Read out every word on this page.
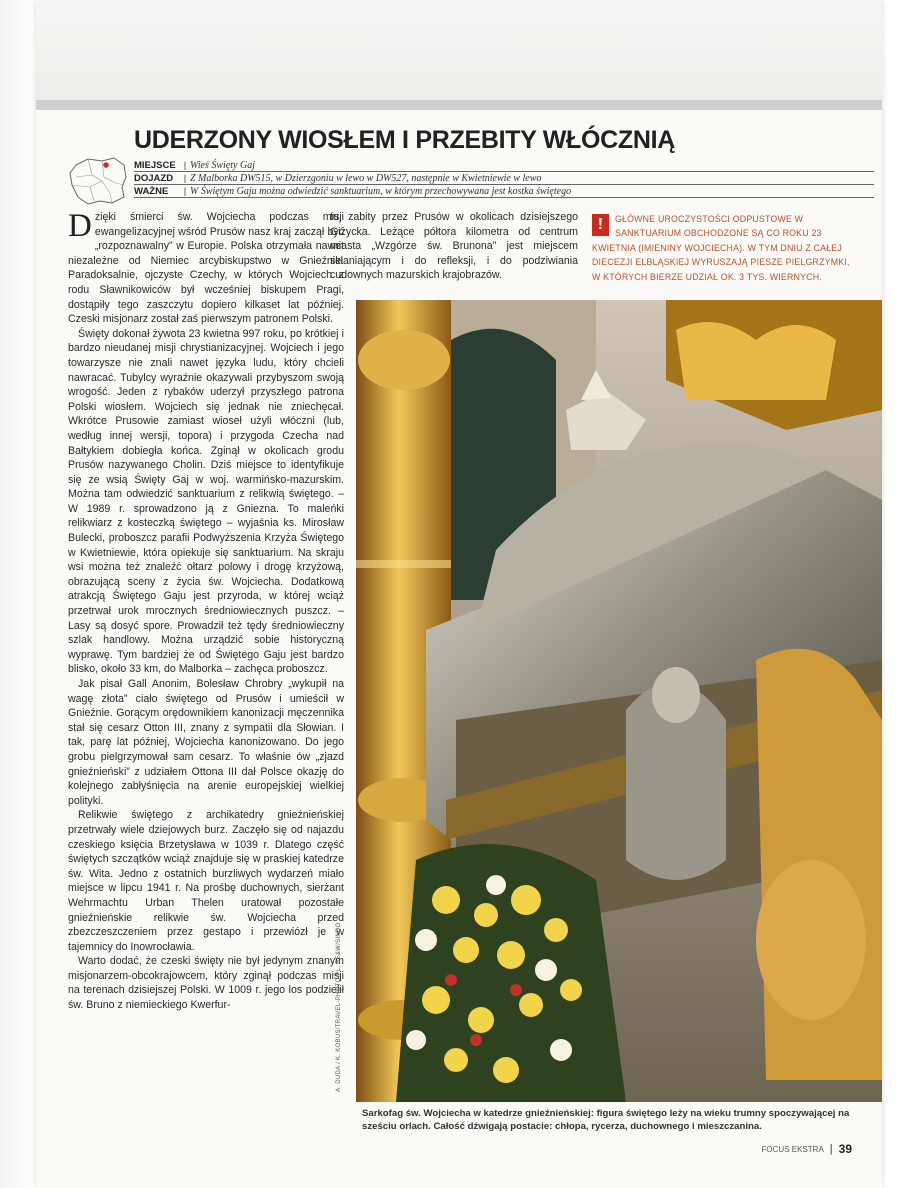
UDERZONY WIOSŁEM I PRZEBITY WŁÓCZNIĄ
MIEJSCE | Wieś Święty Gaj
DOJAZD	| Z Malborka DW515, w Dzierzgoniu w lewo w DW527, następnie w Kwietniewie w lewo
WAŻNE	| W Świętym Gaju można odwiedzić sanktuarium, w którym przechowywana jest kostka świętego

Dzięki śmierci św. Wojciecha podczas misji ewangelizacyjnej wśród Prusów nasz kraj zaczął być „rozpoznawalny” w Europie. Polska otrzymała nawet niezależne od Niemiec arcybiskupstwo w Gnieźnie. Paradoksalnie, ojczyste Czechy, w których Wojciech z rodu Sławnikowiców był wcześniej biskupem Pragi, dostąpiły tego zaszczytu dopiero kilkaset lat później. Czeski misjonarz został zaś pierwszym patronem Polski.

Święty dokonał żywota 23 kwietna 997 roku, po krótkiej i bardzo nieudanej misji chrystianizacyjnej. Wojciech i jego towarzysze nie znali nawet języka ludu, który chcieli nawracać. Tubylcy wyraźnie okazywali przybyszom swoją wrogość. Jeden z rybaków uderzył przyszłego patrona Polski wiosłem. Wojciech się jednak nie zniechęcał. Wkrótce Prusowie zamiast wioseł użyli włóczni (lub, według innej wersji, topora) i przygoda Czecha nad Bałtykiem dobiegła końca. Zginął w okolicach grodu Prusów nazywanego Cholin. Dziś miejsce to identyfikuje się ze wsią Święty Gaj w woj. warmińsko-mazurskim. Można tam odwiedzić sanktuarium z relikwią świętego. – W 1989 r. sprowadzono ją z Gniezna. To maleńki relikwiarz z kosteczką świętego – wyjaśnia ks. Mirosław Bulecki, proboszcz parafii Podwyższenia Krzyża Świętego w Kwietniewie, która opiekuje się sanktuarium. Na skraju wsi można też znaleźć ołtarz polowy i drogę krzyżową, obrazującą sceny z życia św. Wojciecha. Dodatkową atrakcją Świętego Gaju jest przyroda, w której wciąż przetrwał urok mrocznych średniowiecznych puszcz. – Lasy są dosyć spore. Prowadził też tędy średniowieczny szlak handlowy. Można urządzić sobie historyczną wyprawę. Tym bardziej że od Świętego Gaju jest bardzo blisko, około 33 km, do Malborka – zachęca proboszcz.

Jak pisał Gall Anonim, Bolesław Chrobry „wykupił na wagę złota” ciało świętego od Prusów i umieścił w Gnieźnie. Gorącym orędownikiem kanonizacji męczennika stał się cesarz Otton III, znany z sympatii dla Słowian. I tak, parę lat później, Wojciecha kanonizowano. Do jego grobu pielgrzymował sam cesarz. To właśnie ów „zjazd gnieźnieński” z udziałem Ottona III dał Polsce okazję do kolejnego zabłyśnięcia na arenie europejskiej wielkiej polityki.

Relikwie świętego z archikatedry gnieźnieńskiej przetrwały wiele dziejowych burz. Zaczęło się od najazdu czeskiego księcia Brzetysława w 1039 r. Dlatego część świętych szczątków wciąż znajduje się w praskiej katedrze św. Wita. Jedno z ostatnich burzliwych wydarzeń miało miejsce w lipcu 1941 r. Na prośbę duchownych, sierżant Wehrmachtu Urban Thelen uratował pozostałe gnieźnieńskie relikwie św. Wojciecha przed zbezczeszczeniem przez gestapo i przewiózł je w tajemnicy do Inowrocławia.

Warto dodać, że czeski święty nie był jedynym znanym misjonarzem-obcokrajowcem, który zginął podczas misji na terenach dzisiejszej Polski. W 1009 r. jego los podzielił św. Bruno z niemieckiego Kwerfur-

tu, zabity przez Prusów w okolicach dzisiejszego Giżycka. Leżące półtora kilometra od centrum miasta „Wzgórze św. Brunona” jest miejscem skłaniającym i do refleksji, i do podziwiania cudownych mazurskich krajobrazów.

!	GŁÓWNE UROCZYSTOŚCI ODPUSTOWE W SANKTUARIUM OBCHODZONE SĄ CO ROKU 23 KWIETNIA (IMIENINY WOJCIECHA). W TYM DNIU Z CAŁEJ DIECEZJI ELBLĄSKIEJ WYRUSZAJĄ PIESZE PIELGRZYMKI, W KTÓRYCH BIERZE UDZIAŁ OK. 3 TYS. WIERNYCH.
A. DUDA / K. KOBUS/TRAVEL-PHOTO.PL, BE&W/SINDO

Sarkofag św. Wojciecha w katedrze gnieźnieńskiej: figura świętego leży na wieku trumny spoczywającej na sześciu orlach. Całość dźwigają postacie: chłopa, rycerza, duchownego i mieszczanina.

FOCUS EKSTRA | 39
